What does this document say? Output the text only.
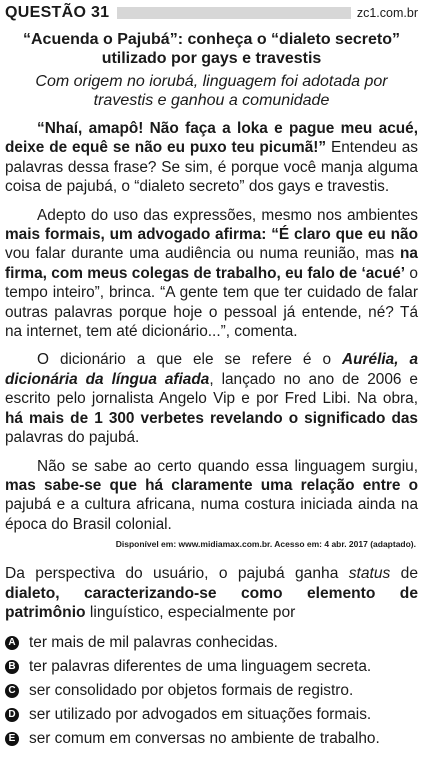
QUESTÃO 31	zc1.com.br
“Acuenda o Pajubá”: conheça o “dialeto secreto” utilizado por gays e travestis
Com origem no iorubá, linguagem foi adotada por travestis e ganhou a comunidade

“Nhaí, amapô! Não faça a loka e pague meu acué, deixe de equê se não eu puxo teu picumã!” Entendeu as palavras dessa frase? Se sim, é porque você manja alguma coisa de pajubá, o “dialeto secreto” dos gays e travestis.

Adepto do uso das expressões, mesmo nos ambientes mais formais, um advogado afirma: “É claro que eu não vou falar durante uma audiência ou numa reunião, mas na firma, com meus colegas de trabalho, eu falo de ‘acué’ o tempo inteiro”, brinca. “A gente tem que ter cuidado de falar outras palavras porque hoje o pessoal já entende, né? Tá na internet, tem até dicionário...”, comenta.

O dicionário a que ele se refere é o Aurélia, a dicionária da língua afiada, lançado no ano de 2006 e escrito pelo jornalista Angelo Vip e por Fred Libi. Na obra, há mais de 1 300 verbetes revelando o significado das palavras do pajubá.

Não se sabe ao certo quando essa linguagem surgiu, mas sabe-se que há claramente uma relação entre o pajubá e a cultura africana, numa costura iniciada ainda na época do Brasil colonial.

Disponível em: www.midiamax.com.br. Acesso em: 4 abr. 2017 (adaptado).
Da perspectiva do usuário, o pajubá ganha status de dialeto, caracterizando-se como elemento de patrimônio linguístico, especialmente por
A ter mais de mil palavras conhecidas.
B ter palavras diferentes de uma linguagem secreta.
C ser consolidado por objetos formais de registro.
D ser utilizado por advogados em situações formais.
E ser comum em conversas no ambiente de trabalho.
